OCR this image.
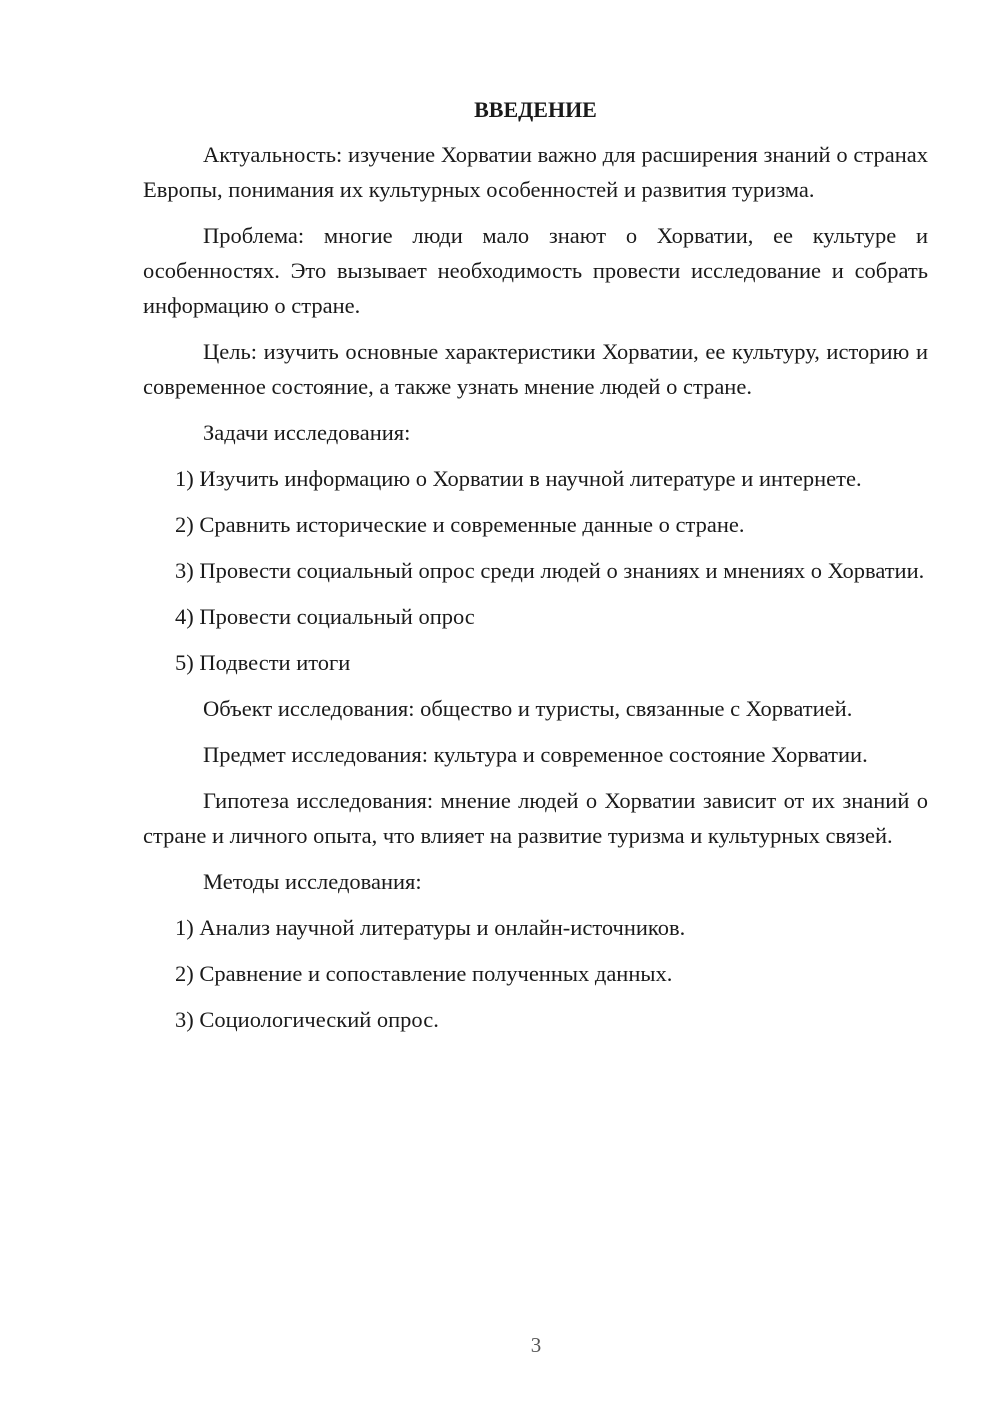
ВВЕДЕНИЕ

Актуальность: изучение Хорватии важно для расширения знаний о странах Европы, понимания их культурных особенностей и развития туризма.

Проблема: многие люди мало знают о Хорватии, ее культуре и особенностях. Это вызывает необходимость провести исследование и собрать информацию о стране.

Цель: изучить основные характеристики Хорватии, ее культуру, историю и современное состояние, а также узнать мнение людей о стране.

Задачи исследования:

1) Изучить информацию о Хорватии в научной литературе и интернете.

2) Сравнить исторические и современные данные о стране.

3) Провести социальный опрос среди людей о знаниях и мнениях о Хорватии.

4) Провести социальный опрос

5) Подвести итоги

Объект исследования: общество и туристы, связанные с Хорватией.

Предмет исследования: культура и современное состояние Хорватии.

Гипотеза исследования: мнение людей о Хорватии зависит от их знаний о стране и личного опыта, что влияет на развитие туризма и культурных связей.

Методы исследования:

1) Анализ научной литературы и онлайн-источников.

2) Сравнение и сопоставление полученных данных.

3) Социологический опрос.

3
